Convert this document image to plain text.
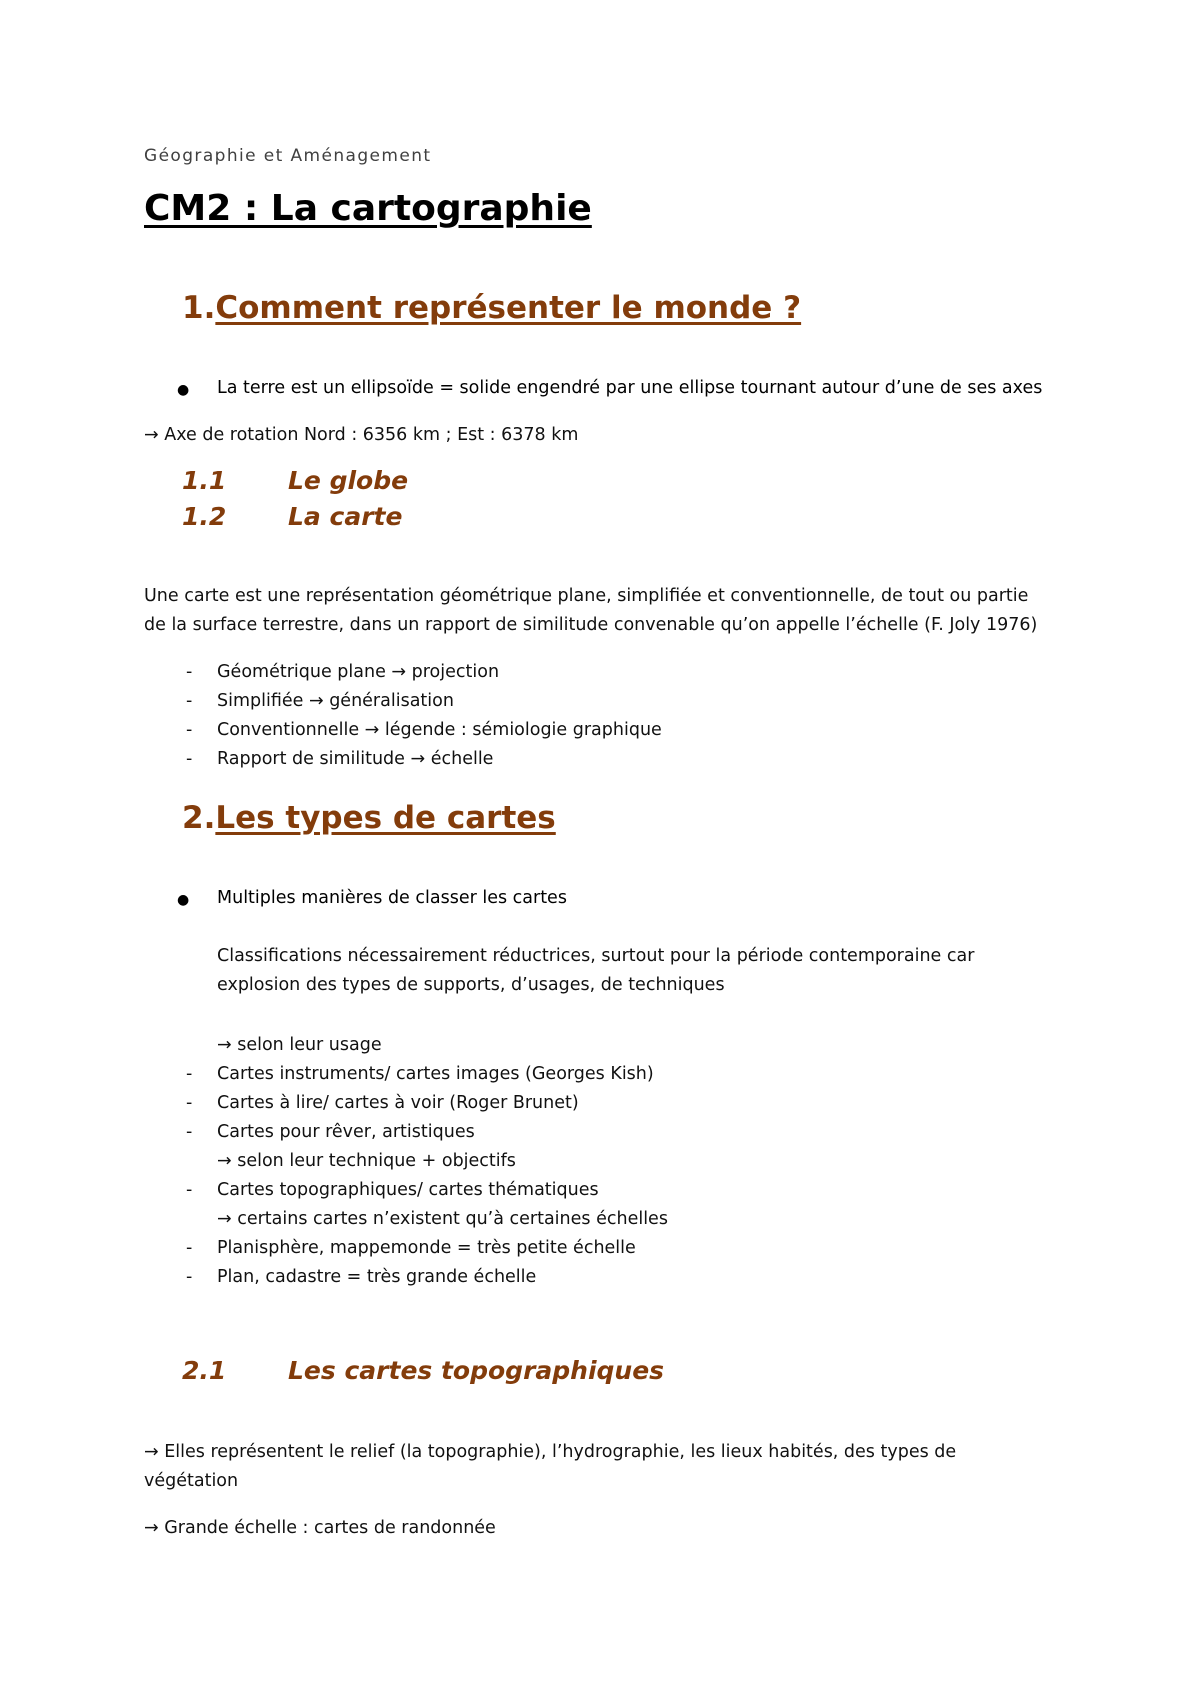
Géographie et Aménagement
CM2 : La cartographie
1.Comment représenter le monde ?
● La terre est un ellipsoïde = solide engendré par une ellipse tournant autour d’une de ses axes
→ Axe de rotation Nord : 6356 km ; Est : 6378 km
1.1 Le globe
1.2 La carte
Une carte est une représentation géométrique plane, simplifiée et conventionnelle, de tout ou partie
de la surface terrestre, dans un rapport de similitude convenable qu’on appelle l’échelle (F. Joly 1976)
- Géométrique plane → projection
- Simplifiée → généralisation
- Conventionnelle → légende : sémiologie graphique
- Rapport de similitude → échelle
2.Les types de cartes
● Multiples manières de classer les cartes
Classifications nécessairement réductrices, surtout pour la période contemporaine car
explosion des types de supports, d’usages, de techniques
→ selon leur usage
- Cartes instruments/ cartes images (Georges Kish)
- Cartes à lire/ cartes à voir (Roger Brunet)
- Cartes pour rêver, artistiques
→ selon leur technique + objectifs
- Cartes topographiques/ cartes thématiques
→ certains cartes n’existent qu’à certaines échelles
- Planisphère, mappemonde = très petite échelle
- Plan, cadastre = très grande échelle
2.1 Les cartes topographiques
→ Elles représentent le relief (la topographie), l’hydrographie, les lieux habités, des types de
végétation
→ Grande échelle : cartes de randonnée
